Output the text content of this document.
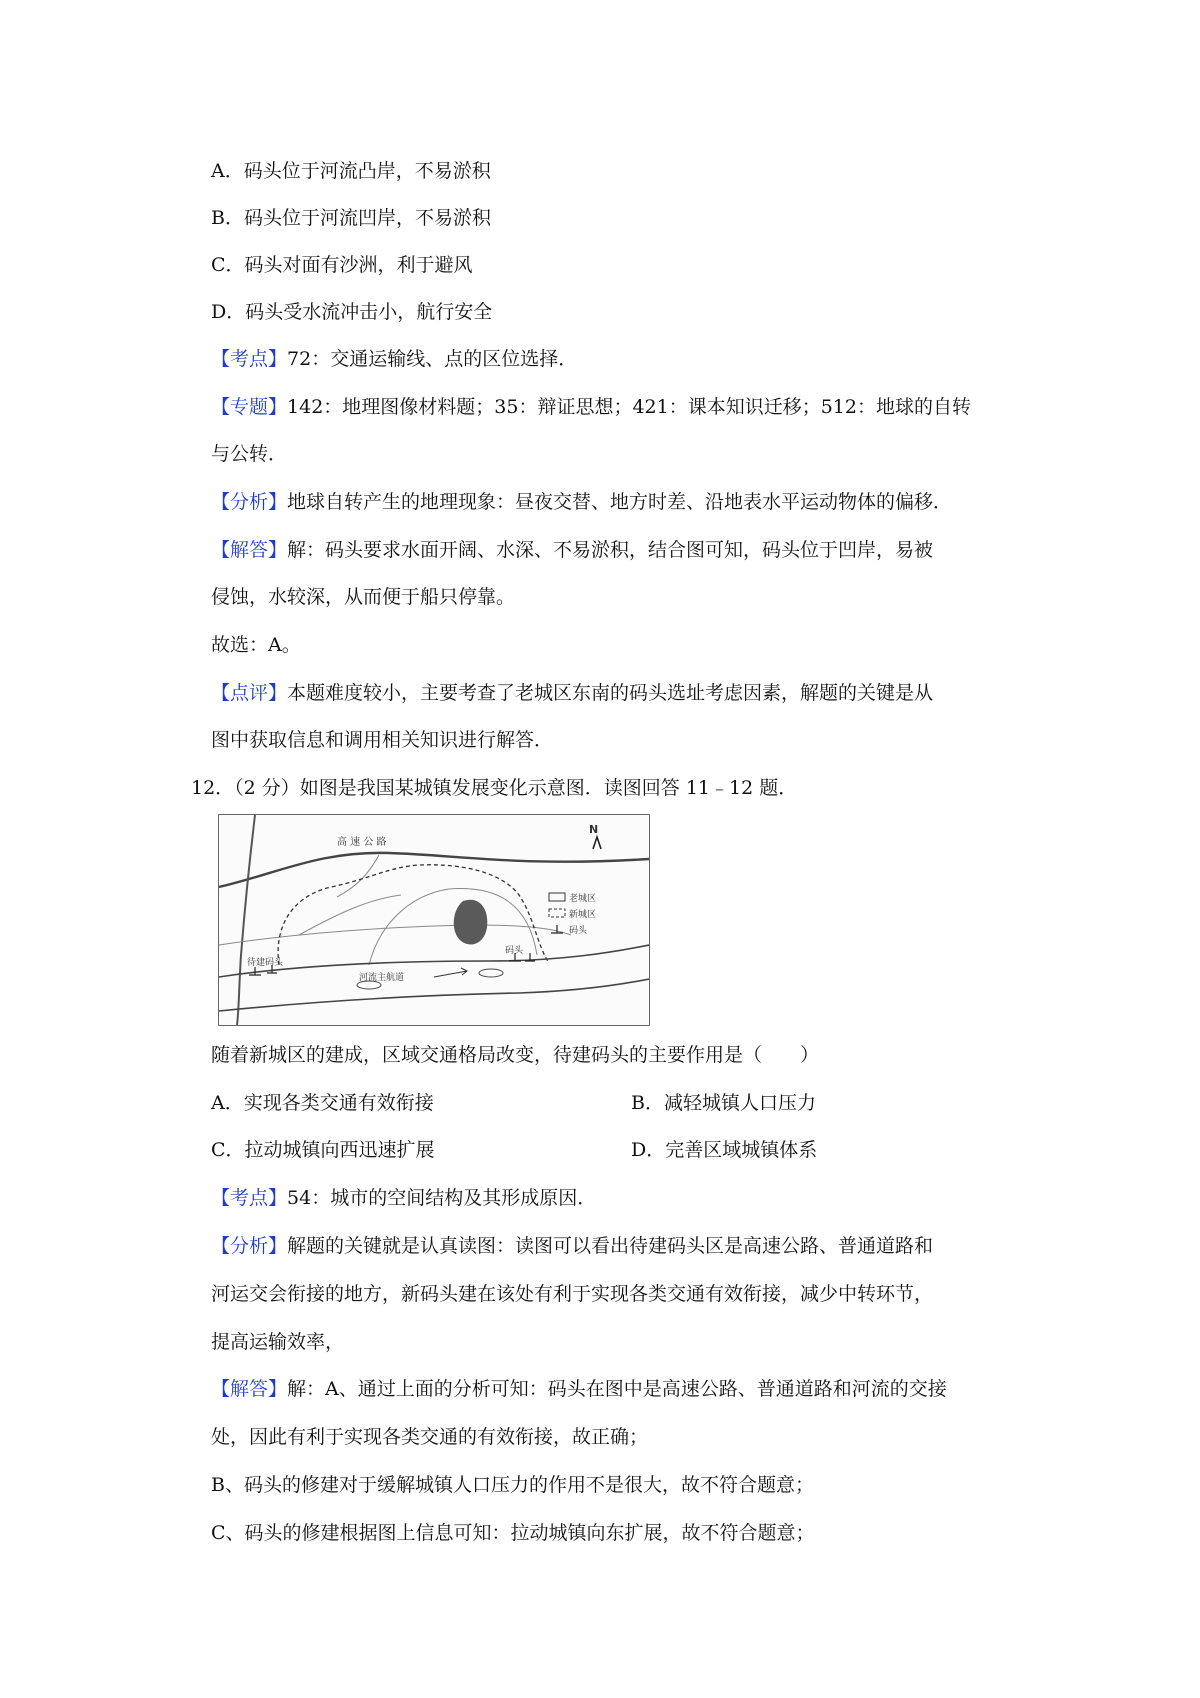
A．码头位于河流凸岸，不易淤积
B．码头位于河流凹岸，不易淤积
C．码头对面有沙洲，利于避风
D．码头受水流冲击小，航行安全
【考点】72：交通运输线、点的区位选择．
【专题】142：地理图像材料题；35：辩证思想；421：课本知识迁移；512：地球的自转
与公转．
【分析】地球自转产生的地理现象：昼夜交替、地方时差、沿地表水平运动物体的偏移．
【解答】解：码头要求水面开阔、水深、不易淤积，结合图可知，码头位于凹岸，易被
侵蚀，水较深，从而便于船只停靠。
故选：A。
【点评】本题难度较小，主要考查了老城区东南的码头选址考虑因素，解题的关键是从
图中获取信息和调用相关知识进行解答．
12．（2 分）如图是我国某城镇发展变化示意图．读图回答 11﹣12 题．
高 速 公 路
N
河流主航道
码头
待建码头
老城区
新城区
码头
随着新城区的建成，区域交通格局改变，待建码头的主要作用是（　　）
A．实现各类交通有效衔接	B．减轻城镇人口压力
C．拉动城镇向西迅速扩展	D．完善区域城镇体系
【考点】54：城市的空间结构及其形成原因．
【分析】解题的关键就是认真读图：读图可以看出待建码头区是高速公路、普通道路和
河运交会衔接的地方，新码头建在该处有利于实现各类交通有效衔接，减少中转环节，
提高运输效率，
【解答】解：A、通过上面的分析可知：码头在图中是高速公路、普通道路和河流的交接
处，因此有利于实现各类交通的有效衔接，故正确；
B、码头的修建对于缓解城镇人口压力的作用不是很大，故不符合题意；
C、码头的修建根据图上信息可知：拉动城镇向东扩展，故不符合题意；
